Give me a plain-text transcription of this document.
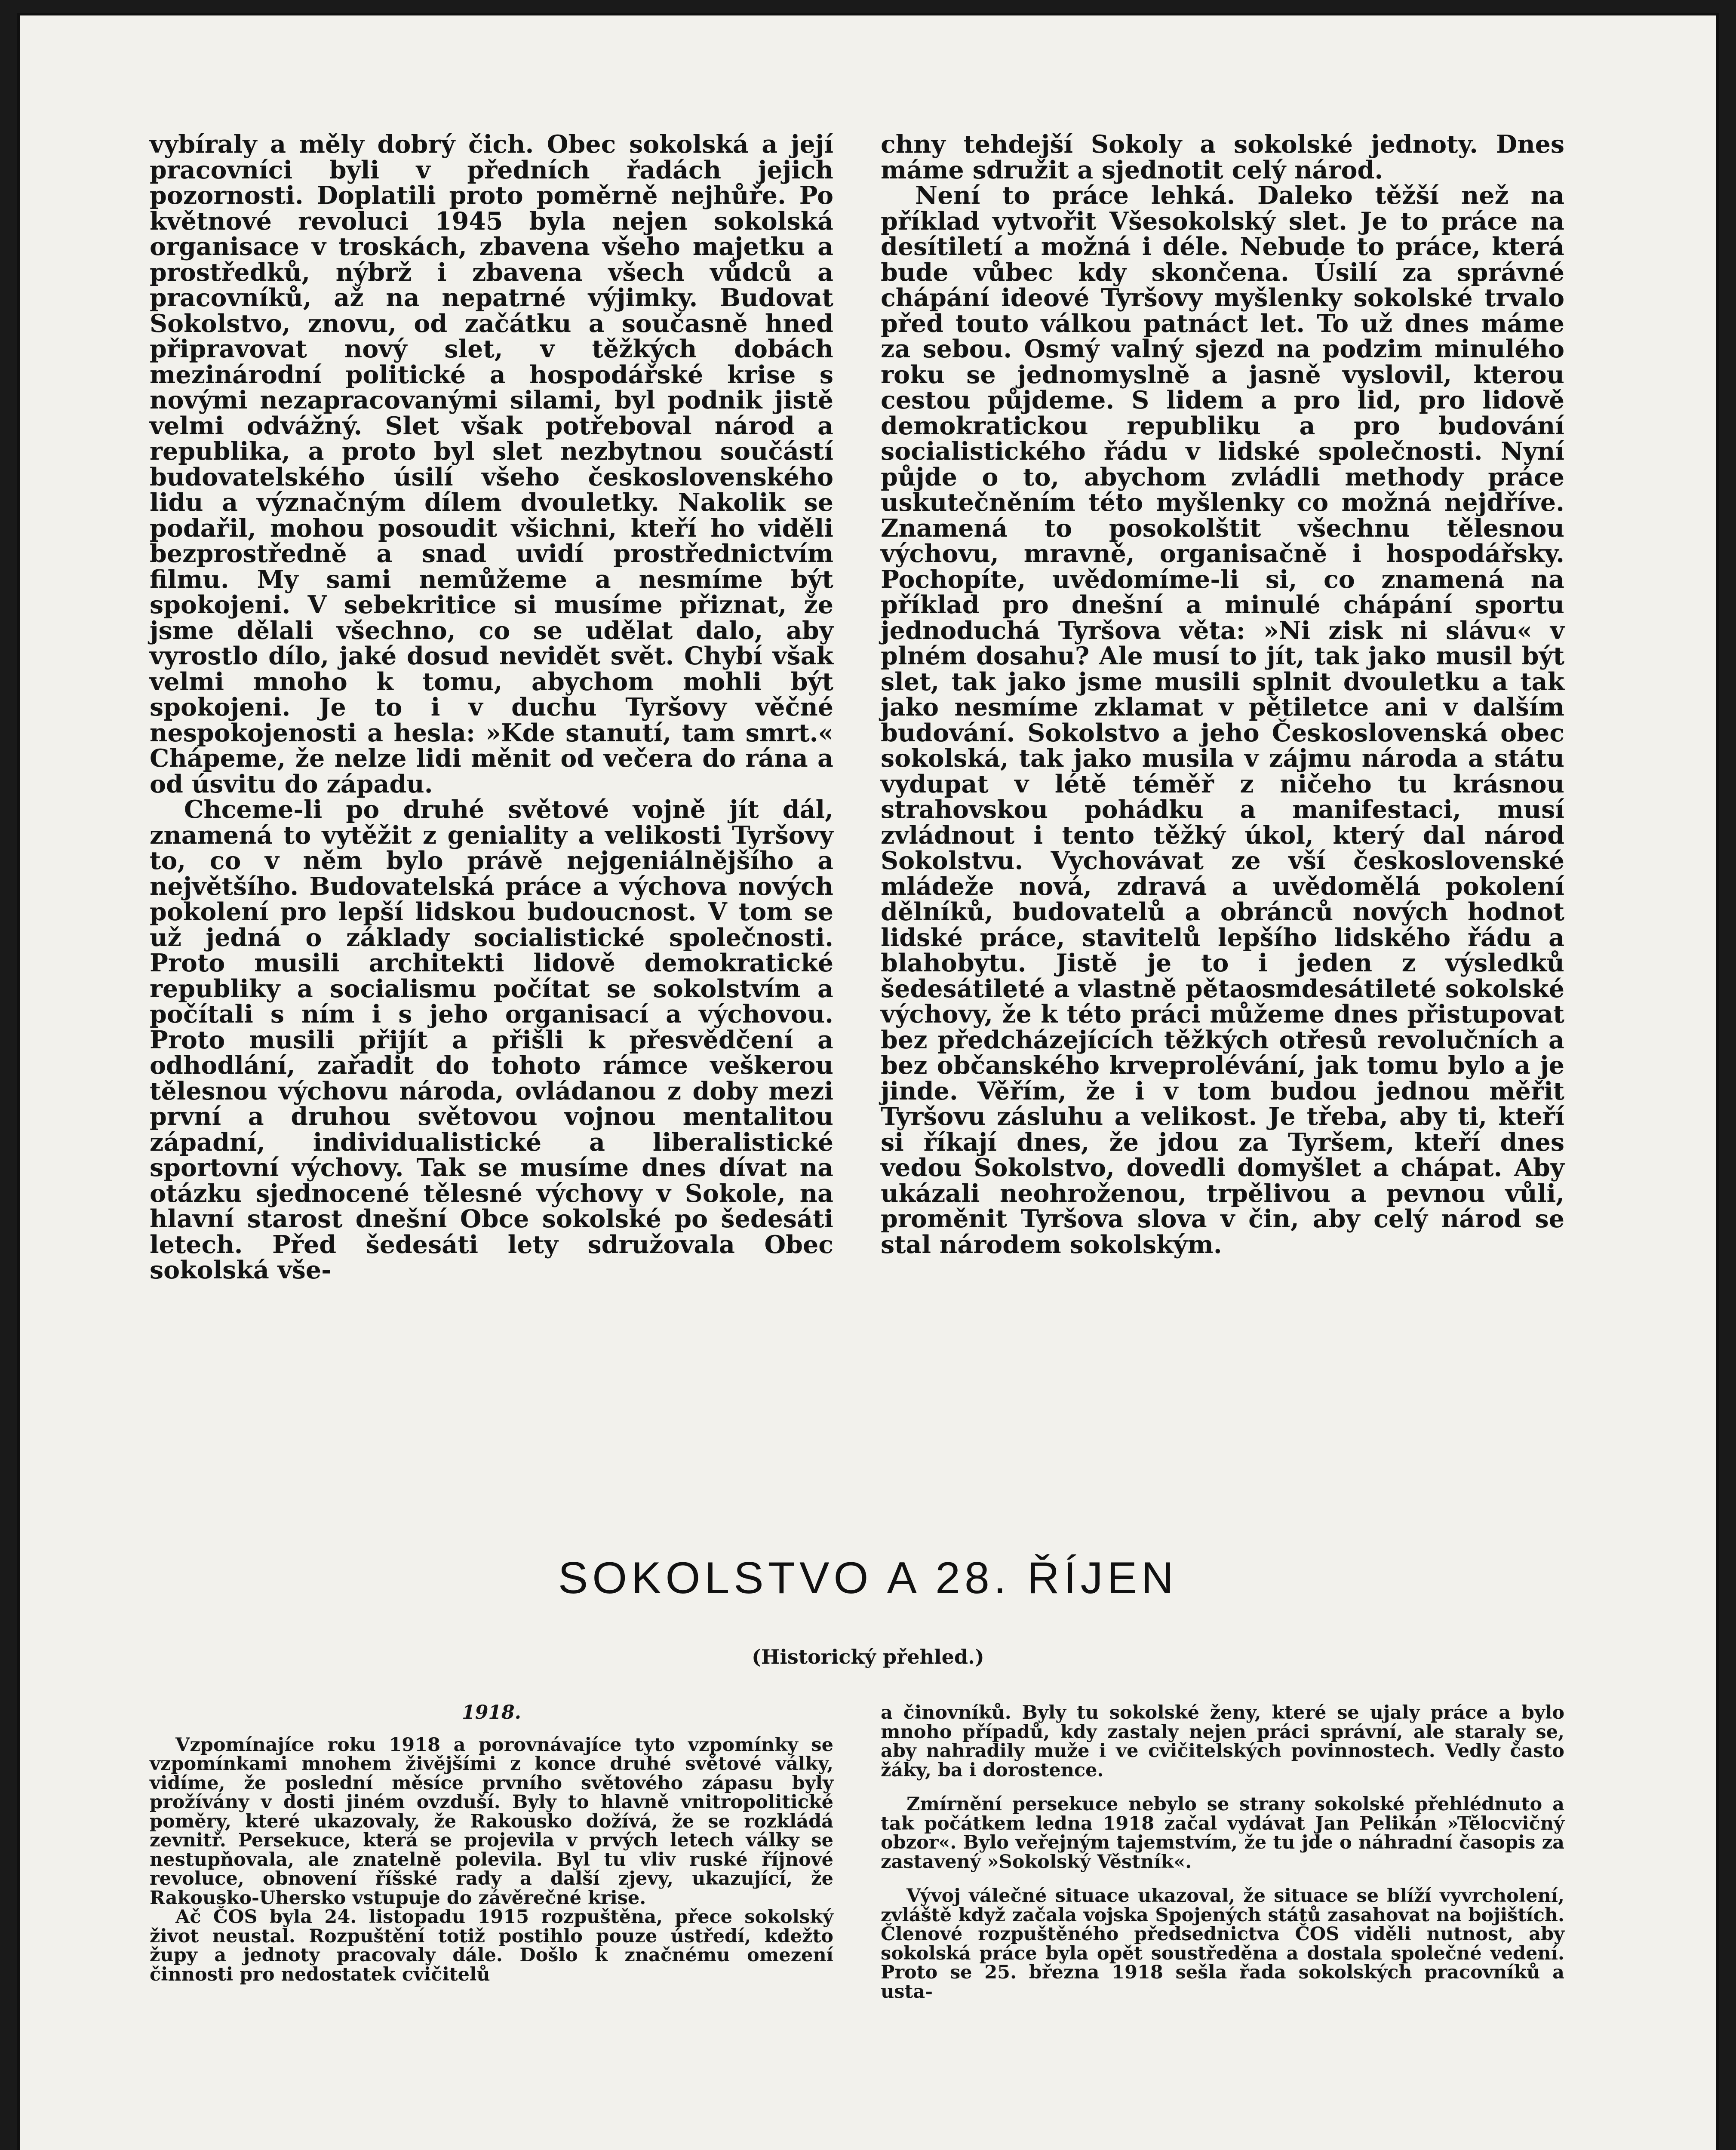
vybíraly a měly dobrý čich. Obec sokolská a její pracovníci byli v předních řadách jejich pozornosti. Doplatili proto poměrně nejhůře. Po květnové revoluci 1945 byla nejen sokolská organisace v troskách, zbavena všeho majetku a prostředků, nýbrž i zbavena všech vůdců a pracovníků, až na nepatrné výjimky. Budovat Sokolstvo, znovu, od začátku a současně hned připravovat nový slet, v těžkých dobách mezinárodní politické a hospodářské krise s novými nezapracovanými silami, byl podnik jistě velmi odvážný. Slet však potřeboval národ a republika, a proto byl slet nezbytnou součástí budovatelského úsilí všeho československého lidu a význačným dílem dvouletky. Nakolik se podařil, mohou posoudit všichni, kteří ho viděli bezprostředně a snad uvidí prostřednictvím filmu. My sami nemůžeme a nesmíme být spokojeni. V sebekritice si musíme přiznat, že jsme dělali všechno, co se udělat dalo, aby vyrostlo dílo, jaké dosud nevidět svět. Chybí však velmi mnoho k tomu, abychom mohli být spokojeni. Je to i v duchu Tyršovy věčné nespokojenosti a hesla: »Kde stanutí, tam smrt.« Chápeme, že nelze lidi měnit od večera do rána a od úsvitu do západu.

Chceme-li po druhé světové vojně jít dál, znamená to vytěžit z geniality a velikosti Tyršovy to, co v něm bylo právě nejgeniálnějšího a největšího. Budovatelská práce a výchova nových pokolení pro lepší lidskou budoucnost. V tom se už jedná o základy socialistické společnosti. Proto musili architekti lidově demokratické republiky a socialismu počítat se sokolstvím a počítali s ním i s jeho organisací a výchovou. Proto musili přijít a přišli k přesvědčení a odhodlání, zařadit do tohoto rámce veškerou tělesnou výchovu národa, ovládanou z doby mezi první a druhou světovou vojnou mentalitou západní, individualistické a liberalistické sportovní výchovy. Tak se musíme dnes dívat na otázku sjednocené tělesné výchovy v Sokole, na hlavní starost dnešní Obce sokolské po šedesáti letech. Před šedesáti lety sdružovala Obec sokolská vše-

chny tehdejší Sokoly a sokolské jednoty. Dnes máme sdružit a sjednotit celý národ.

Není to práce lehká. Daleko těžší než na příklad vytvořit Všesokolský slet. Je to práce na desítiletí a možná i déle. Nebude to práce, která bude vůbec kdy skončena. Úsilí za správné chápání ideové Tyršovy myšlenky sokolské trvalo před touto válkou patnáct let. To už dnes máme za sebou. Osmý valný sjezd na podzim minulého roku se jednomyslně a jasně vyslovil, kterou cestou půjdeme. S lidem a pro lid, pro lidově demokratickou republiku a pro budování socialistického řádu v lidské společnosti. Nyní půjde o to, abychom zvládli methody práce uskutečněním této myšlenky co možná nejdříve. Znamená to posokolštit všechnu tělesnou výchovu, mravně, organisačně i hospodářsky. Pochopíte, uvědomíme-li si, co znamená na příklad pro dnešní a minulé chápání sportu jednoduchá Tyršova věta: »Ni zisk ni slávu« v plném dosahu? Ale musí to jít, tak jako musil být slet, tak jako jsme musili splnit dvouletku a tak jako nesmíme zklamat v pětiletce ani v dalším budování. Sokolstvo a jeho Československá obec sokolská, tak jako musila v zájmu národa a státu vydupat v létě téměř z ničeho tu krásnou strahovskou pohádku a manifestaci, musí zvládnout i tento těžký úkol, který dal národ Sokolstvu. Vychovávat ze vší československé mládeže nová, zdravá a uvědomělá pokolení dělníků, budovatelů a obránců nových hodnot lidské práce, stavitelů lepšího lidského řádu a blahobytu. Jistě je to i jeden z výsledků šedesátileté a vlastně pětaosmdesátileté sokolské výchovy, že k této práci můžeme dnes přistupovat bez předcházejících těžkých otřesů revolučních a bez občanského krveprolévání, jak tomu bylo a je jinde. Věřím, že i v tom budou jednou měřit Tyršovu zásluhu a velikost. Je třeba, aby ti, kteří si říkají dnes, že jdou za Tyršem, kteří dnes vedou Sokolstvo, dovedli domyšlet a chápat. Aby ukázali neohroženou, trpělivou a pevnou vůli, proměnit Tyršova slova v čin, aby celý národ se stal národem sokolským.

SOKOLSTVO A 28. ŘÍJEN
(Historický přehled.)

1918.

Vzpomínajíce roku 1918 a porovnávajíce tyto vzpomínky se vzpomínkami mnohem živějšími z konce druhé světové války, vidíme, že poslední měsíce prvního světového zápasu byly prožívány v dosti jiném ovzduší. Byly to hlavně vnitropolitické poměry, které ukazovaly, že Rakousko dožívá, že se rozkládá zevnitř. Persekuce, která se projevila v prvých letech války se nestupňovala, ale znatelně polevila. Byl tu vliv ruské říjnové revoluce, obnovení říšské rady a další zjevy, ukazující, že Rakousko-Uhersko vstupuje do závěrečné krise.

Ač ČOS byla 24. listopadu 1915 rozpuštěna, přece sokolský život neustal. Rozpuštění totiž postihlo pouze ústředí, kdežto župy a jednoty pracovaly dále. Došlo k značnému omezení činnosti pro nedostatek cvičitelů

a činovníků. Byly tu sokolské ženy, které se ujaly práce a bylo mnoho případů, kdy zastaly nejen práci správní, ale staraly se, aby nahradily muže i ve cvičitelských povinnostech. Vedly často žáky, ba i dorostence.

Zmírnění persekuce nebylo se strany sokolské přehlédnuto a tak počátkem ledna 1918 začal vydávat Jan Pelikán »Tělocvičný obzor«. Bylo veřejným tajemstvím, že tu jde o náhradní časopis za zastavený »Sokolský Věstník«.

Vývoj válečné situace ukazoval, že situace se blíží vyvrcholení, zvláště když začala vojska Spojených států zasahovat na bojištích. Členové rozpuštěného předsednictva ČOS viděli nutnost, aby sokolská práce byla opět soustředěna a dostala společné vedení. Proto se 25. března 1918 sešla řada sokolských pracovníků a usta-
